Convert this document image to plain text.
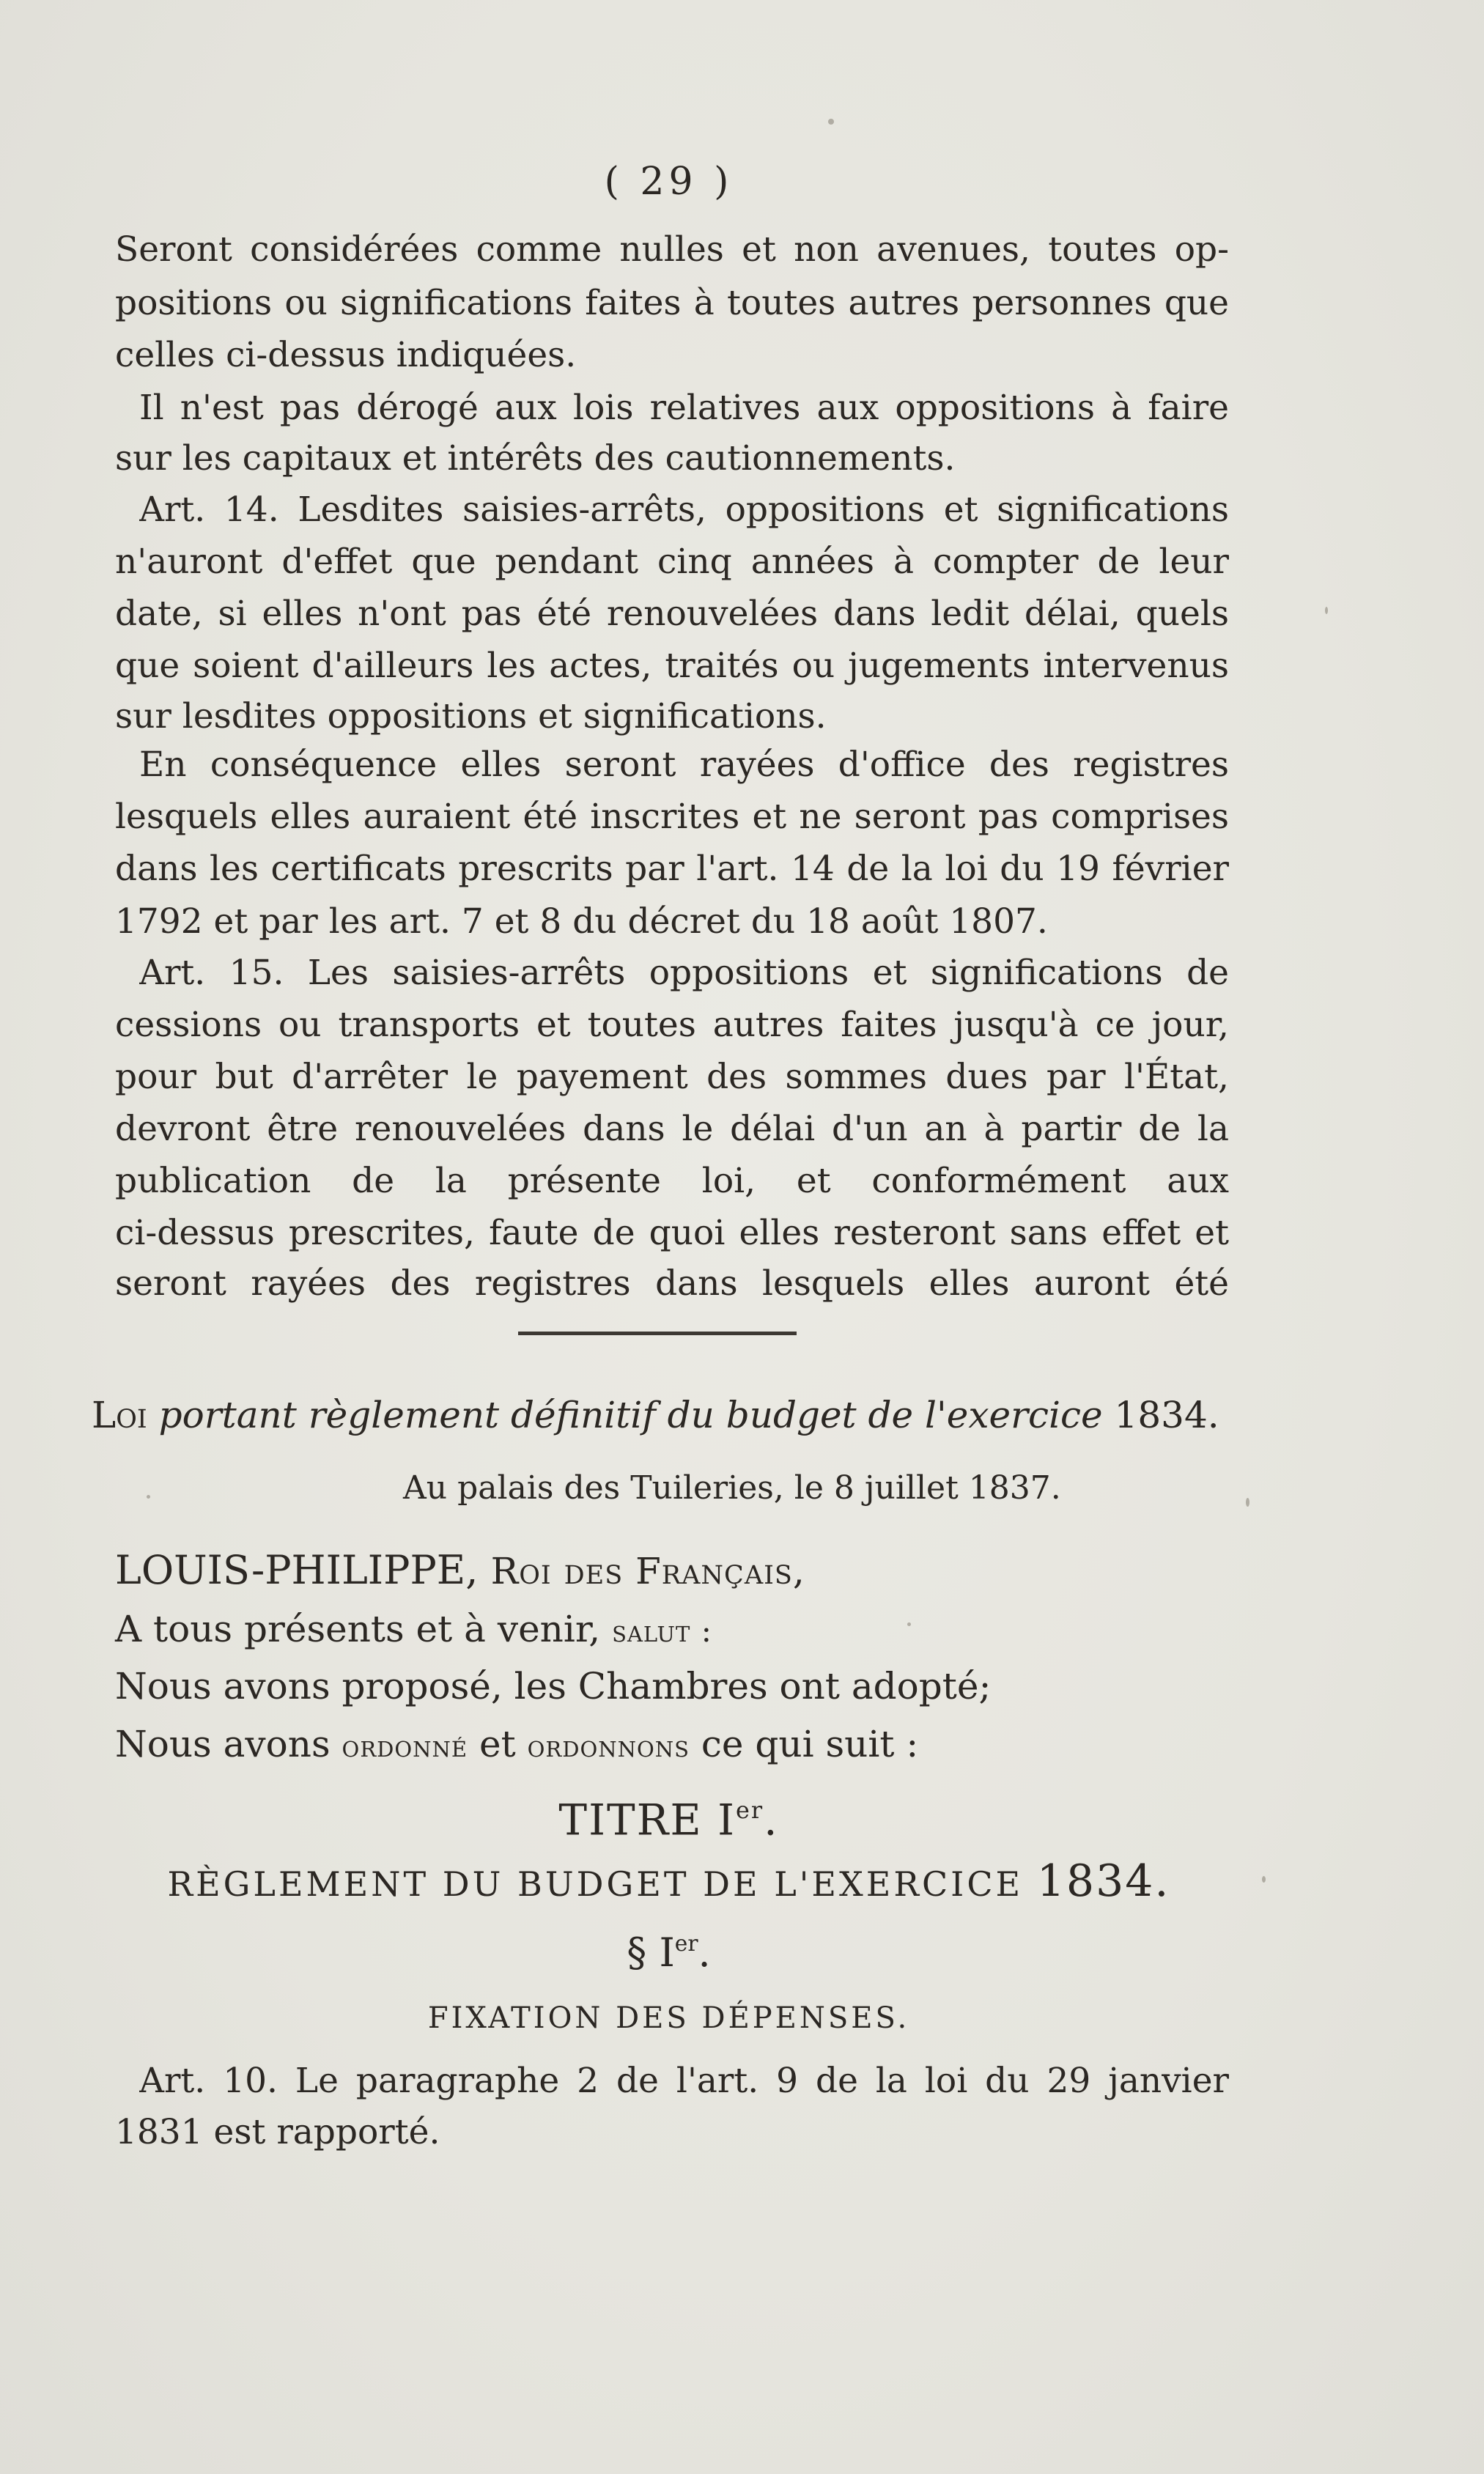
( 29 )
Seront considérées comme nulles et non avenues, toutes op-
positions ou significations faites à toutes autres personnes que
celles ci-dessus indiquées.
Il n'est pas dérogé aux lois relatives aux oppositions à faire
sur les capitaux et intérêts des cautionnements.
Art. 14. Lesdites saisies-arrêts, oppositions et significations
n'auront d'effet que pendant cinq années à compter de leur
date, si elles n'ont pas été renouvelées dans ledit délai, quels
que soient d'ailleurs les actes, traités ou jugements intervenus
sur lesdites oppositions et significations.
En conséquence elles seront rayées d'office des registres
lesquels elles auraient été inscrites et ne seront pas comprises
dans les certificats prescrits par l'art. 14 de la loi du 19 février
1792 et par les art. 7 et 8 du décret du 18 août 1807.
Art. 15. Les saisies-arrêts oppositions et significations de
cessions ou transports et toutes autres faites jusqu'à ce jour,
pour but d'arrêter le payement des sommes dues par l'État,
devront être renouvelées dans le délai d'un an à partir de la
publication de la présente loi, et conformément aux
ci-dessus prescrites, faute de quoi elles resteront sans effet et
seront rayées des registres dans lesquels elles auront été
Loi portant règlement définitif du budget de l'exercice 1834.
Au palais des Tuileries, le 8 juillet 1837.
LOUIS-PHILIPPE, Roi des Français,
A tous présents et à venir, salut :
Nous avons proposé, les Chambres ont adopté;
Nous avons ordonné et ordonnons ce qui suit :
TITRE Ier.
RÈGLEMENT DU BUDGET DE L'EXERCICE 1834.
§ Ier.
FIXATION DES DÉPENSES.
Art. 10. Le paragraphe 2 de l'art. 9 de la loi du 29 janvier
1831 est rapporté.
